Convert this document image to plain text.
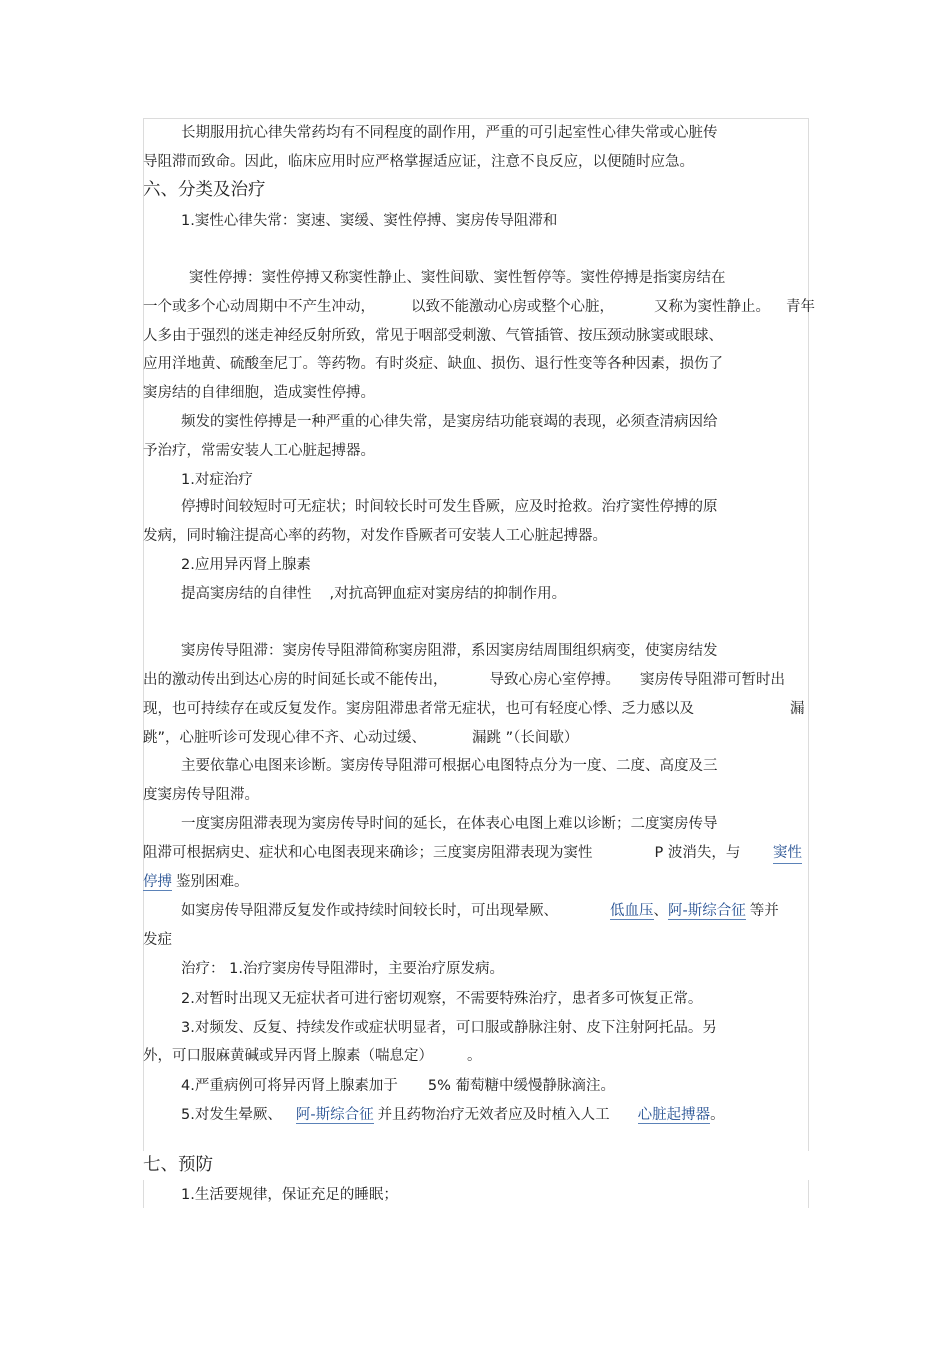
长期服用抗心律失常药均有不同程度的副作用，严重的可引起室性心律失常或心脏传
导阻滞而致命。因此，临床应用时应严格掌握适应证，注意不良反应，以便随时应急。
六、分类及治疗
1.窦性心律失常：窦速、窦缓、窦性停搏、窦房传导阻滞和
窦性停搏：窦性停搏又称窦性静止、窦性间歇、窦性暂停等。窦性停搏是指窦房结在
一个或多个心动周期中不产生冲动， 以致不能激动心房或整个心脏，	又称为窦性静止。 青年
人多由于强烈的迷走神经反射所致，常见于咽部受刺激、气管插管、按压颈动脉窦或眼球、
应用洋地黄、硫酸奎尼丁。等药物。有时炎症、缺血、损伤、退行性变等各种因素，损伤了
窦房结的自律细胞，造成窦性停搏。
频发的窦性停搏是一种严重的心律失常，是窦房结功能衰竭的表现，必须查清病因给
予治疗，常需安装人工心脏起搏器。
1.对症治疗
停搏时间较短时可无症状；时间较长时可发生昏厥，应及时抢救。治疗窦性停搏的原
发病，同时输注提高心率的药物，对发作昏厥者可安装人工心脏起搏器。
2.应用异丙肾上腺素
提高窦房结的自律性 ,对抗高钾血症对窦房结的抑制作用。
窦房传导阻滞：窦房传导阻滞简称窦房阻滞，系因窦房结周围组织病变，使窦房结发
出的激动传出到达心房的时间延长或不能传出，	导致心房心室停搏。 窦房传导阻滞可暂时出
现，也可持续存在或反复发作。窦房阻滞患者常无症状，也可有轻度心悸、乏力感以及	漏
跳”，心脏听诊可发现心律不齐、心动过缓、	漏跳 ”（长间歇）
主要依靠心电图来诊断。窦房传导阻滞可根据心电图特点分为一度、二度、高度及三
度窦房传导阻滞。
一度窦房阻滞表现为窦房传导时间的延长，在体表心电图上难以诊断；二度窦房传导
阻滞可根据病史、症状和心电图表现来确诊；三度窦房阻滞表现为窦性	P 波消失，与 窦性
停搏 鉴别困难。
如窦房传导阻滞反复发作或持续时间较长时，可出现晕厥、	低血压、阿-斯综合征 等并
发症
治疗： 1.治疗窦房传导阻滞时，主要治疗原发病。
2.对暂时出现又无症状者可进行密切观察，不需要特殊治疗，患者多可恢复正常。
3.对频发、反复、持续发作或症状明显者，可口服或静脉注射、皮下注射阿托品。另
外，可口服麻黄碱或异丙肾上腺素（喘息定） 。
4.严重病例可将异丙肾上腺素加于 5% 葡萄糖中缓慢静脉滴注。
5.对发生晕厥、 阿-斯综合征 并且药物治疗无效者应及时植入人工 心脏起搏器。
七、预防
1.生活要规律，保证充足的睡眠；
